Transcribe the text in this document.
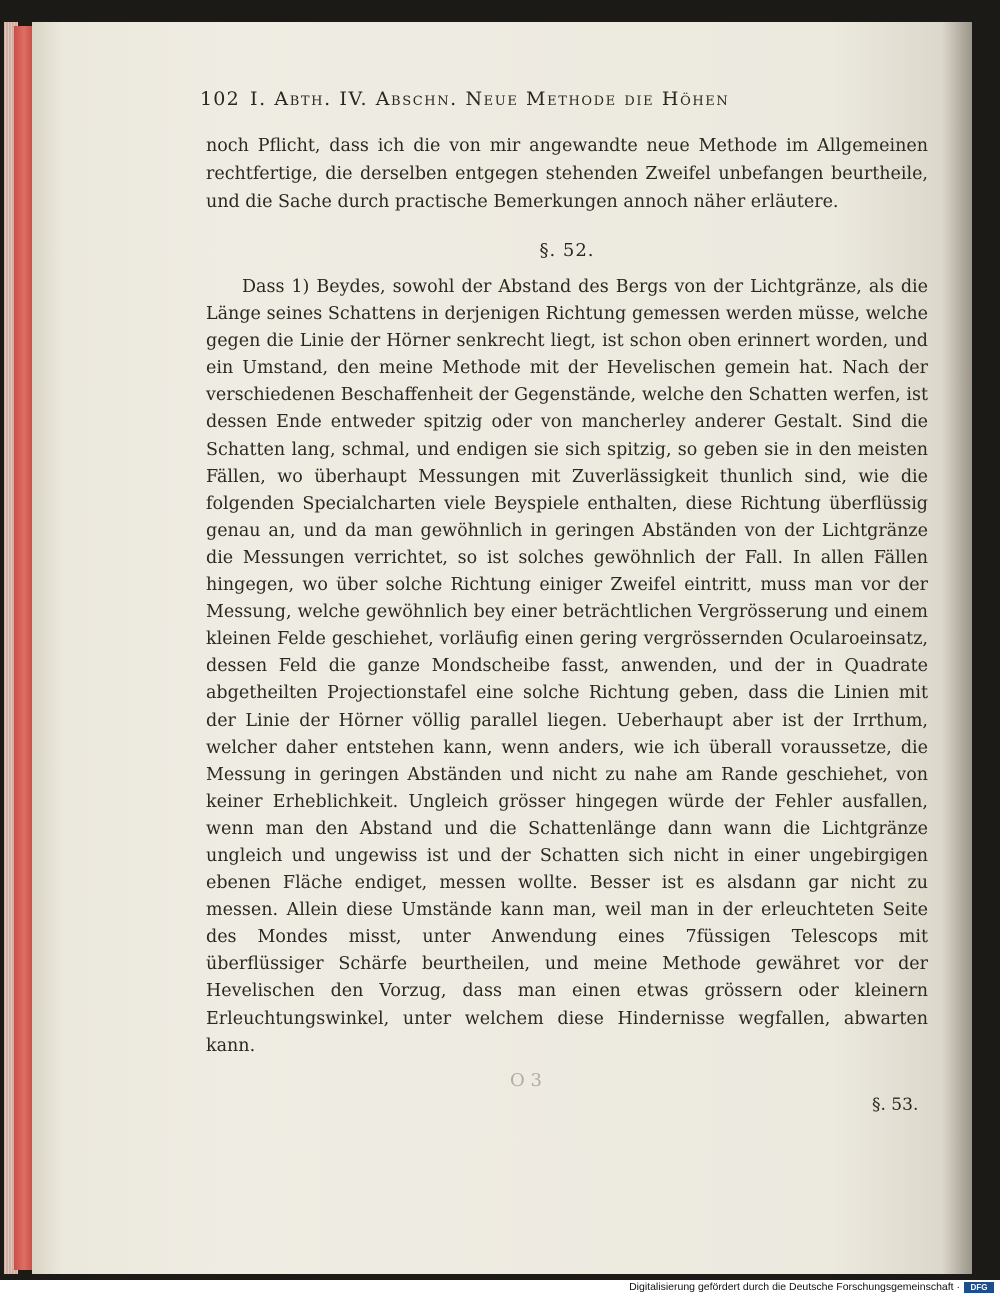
102 I. Abth. IV. Abschn. Neue Methode die Höhen

noch Pflicht, dass ich die von mir angewandte neue Methode im Allgemeinen rechtfertige, die derselben entgegen stehenden Zweifel unbefangen beurtheile, und die Sache durch practische Bemerkungen annoch näher erläutere.

§. 52.

Dass 1) Beydes, sowohl der Abstand des Bergs von der Lichtgränze, als die Länge seines Schattens in derjenigen Richtung gemessen werden müsse, welche gegen die Linie der Hörner senkrecht liegt, ist schon oben erinnert worden, und ein Umstand, den meine Methode mit der Hevelischen gemein hat. Nach der verschiedenen Beschaffenheit der Gegenstände, welche den Schatten werfen, ist dessen Ende entweder spitzig oder von mancherley anderer Gestalt. Sind die Schatten lang, schmal, und endigen sie sich spitzig, so geben sie in den meisten Fällen, wo überhaupt Messungen mit Zuverlässigkeit thunlich sind, wie die folgenden Specialcharten viele Beyspiele enthalten, diese Richtung überflüssig genau an, und da man gewöhnlich in geringen Abständen von der Lichtgränze die Messungen verrichtet, so ist solches gewöhnlich der Fall. In allen Fällen hingegen, wo über solche Richtung einiger Zweifel eintritt, muss man vor der Messung, welche gewöhnlich bey einer beträchtlichen Vergrösserung und einem kleinen Felde geschiehet, vorläufig einen gering vergrössernden Ocularoeinsatz, dessen Feld die ganze Mondscheibe fasst, anwenden, und der in Quadrate abgetheilten Projectionstafel eine solche Richtung geben, dass die Linien mit der Linie der Hörner völlig parallel liegen. Ueberhaupt aber ist der Irrthum, welcher daher entstehen kann, wenn anders, wie ich überall voraussetze, die Messung in geringen Abständen und nicht zu nahe am Rande geschiehet, von keiner Erheblichkeit. Ungleich grösser hingegen würde der Fehler ausfallen, wenn man den Abstand und die Schattenlänge dann wann die Lichtgränze ungleich und ungewiss ist und der Schatten sich nicht in einer ungebirgigen ebenen Fläche endiget, messen wollte. Besser ist es alsdann gar nicht zu messen. Allein diese Umstände kann man, weil man in der erleuchteten Seite des Mondes misst, unter Anwendung eines 7füssigen Telescops mit überflüssiger Schärfe beurtheilen, und meine Methode gewähret vor der Hevelischen den Vorzug, dass man einen etwas grössern oder kleinern Erleuchtungswinkel, unter welchem diese Hindernisse wegfallen, abwarten kann.

O 3
§. 53.
Digitalisierung gefördert durch die Deutsche Forschungsgemeinschaft ·	DFG
